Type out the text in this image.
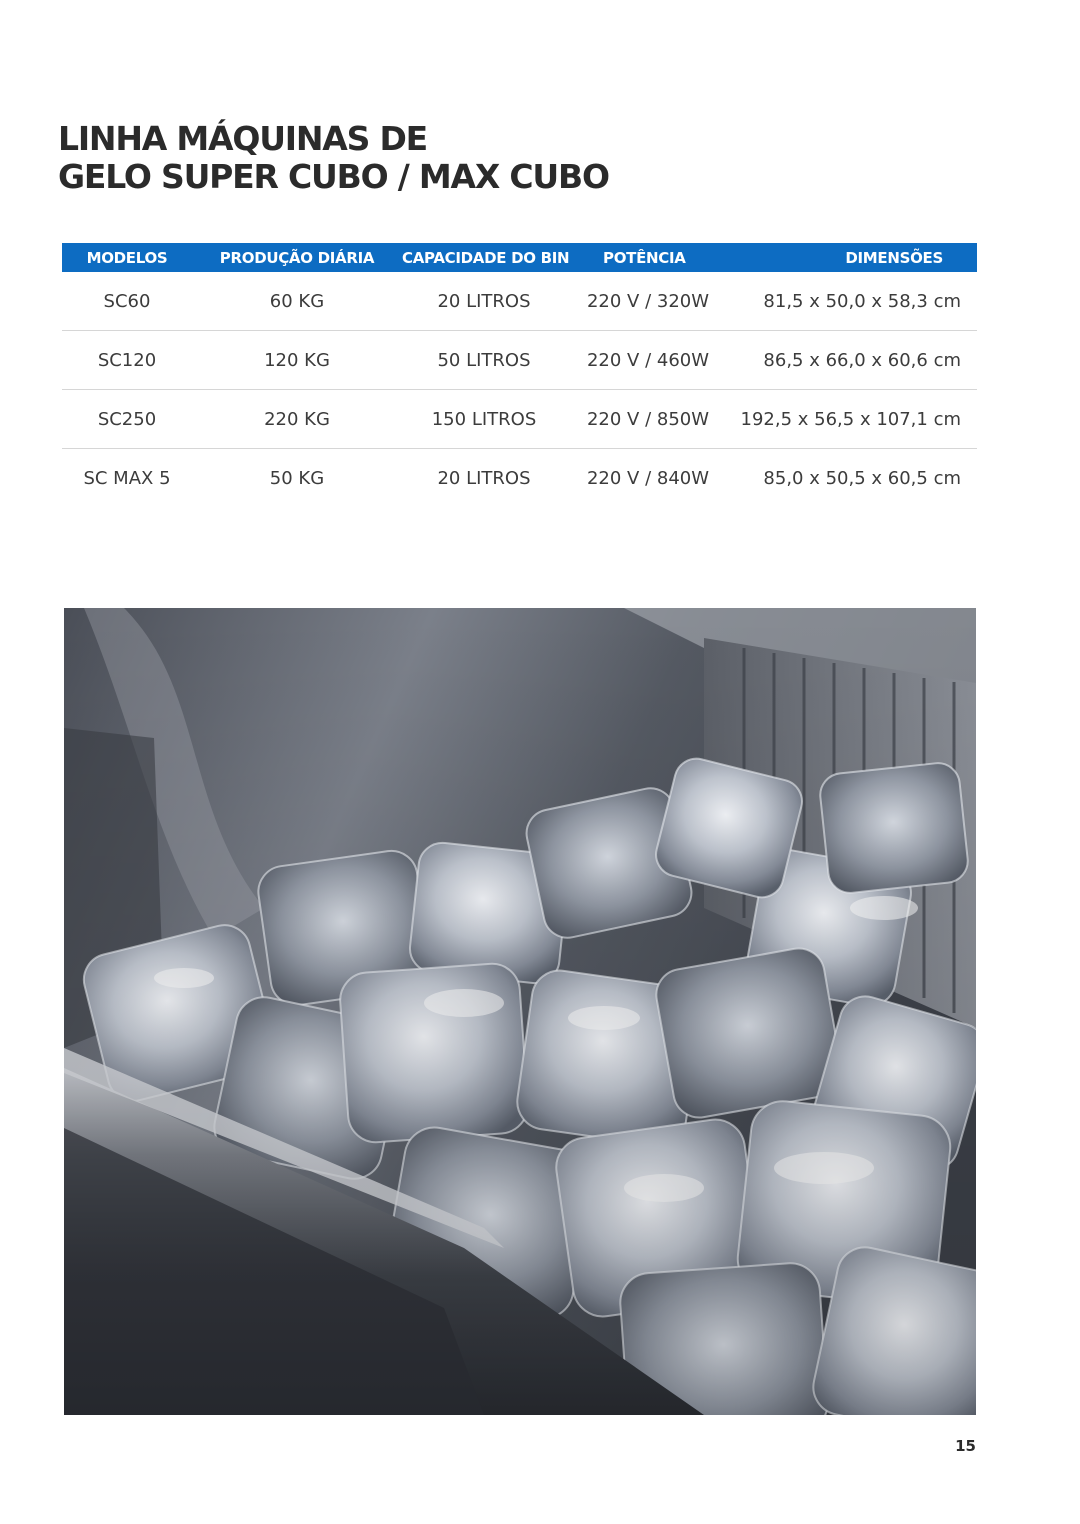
LINHA MÁQUINAS DE
GELO SUPER CUBO / MAX CUBO
MODELOS	PRODUÇÃO DIÁRIA	CAPACIDADE DO BIN	POTÊNCIA	DIMENSÕES
SC60	60 KG	20 LITROS	220 V / 320W	81,5 x 50,0 x 58,3 cm
SC120	120 KG	50 LITROS	220 V / 460W	86,5 x 66,0 x 60,6 cm
SC250	220 KG	150 LITROS	220 V / 850W	192,5 x 56,5 x 107,1 cm
SC MAX 5	50 KG	20 LITROS	220 V / 840W	85,0 x 50,5 x 60,5 cm
15
